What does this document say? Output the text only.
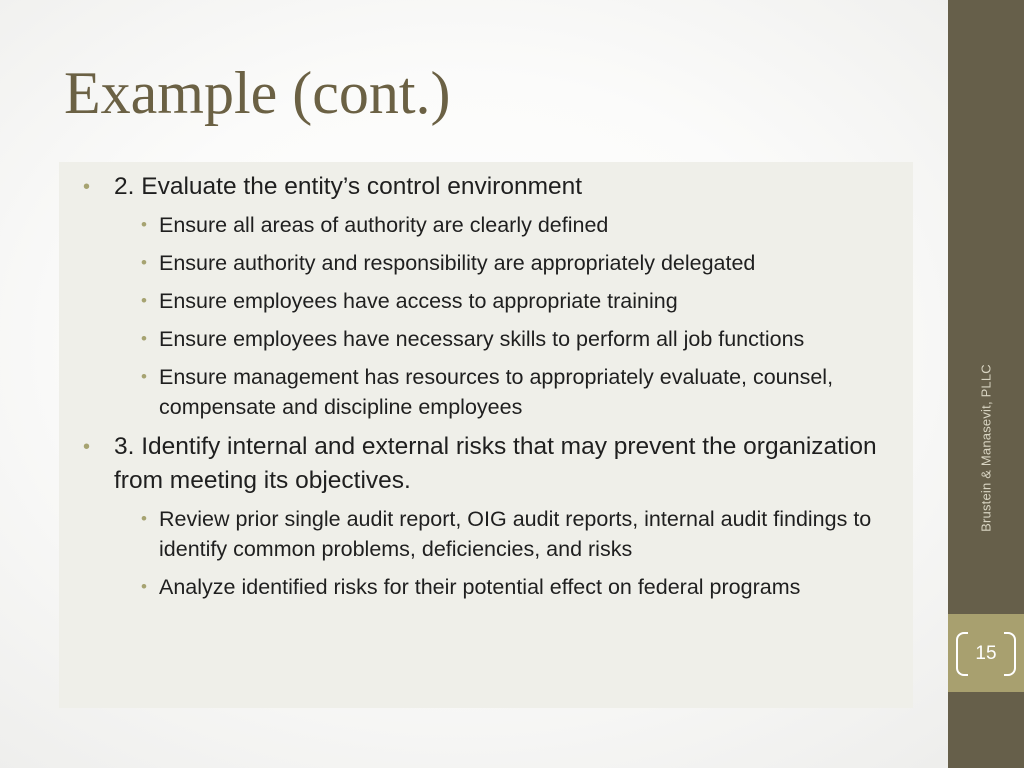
Example (cont.)
• 2. Evaluate the entity’s control environment
• Ensure all areas of authority are clearly defined
• Ensure authority and responsibility are appropriately delegated
• Ensure employees have access to appropriate training
• Ensure employees have necessary skills to perform all job functions
• Ensure management has resources to appropriately evaluate, counsel, compensate and discipline employees
• 3. Identify internal and external risks that may prevent the organization from meeting its objectives.
• Review prior single audit report, OIG audit reports, internal audit findings to identify common problems, deficiencies, and risks
• Analyze identified risks for their potential effect on federal programs
Brustein & Manasevit, PLLC
15
